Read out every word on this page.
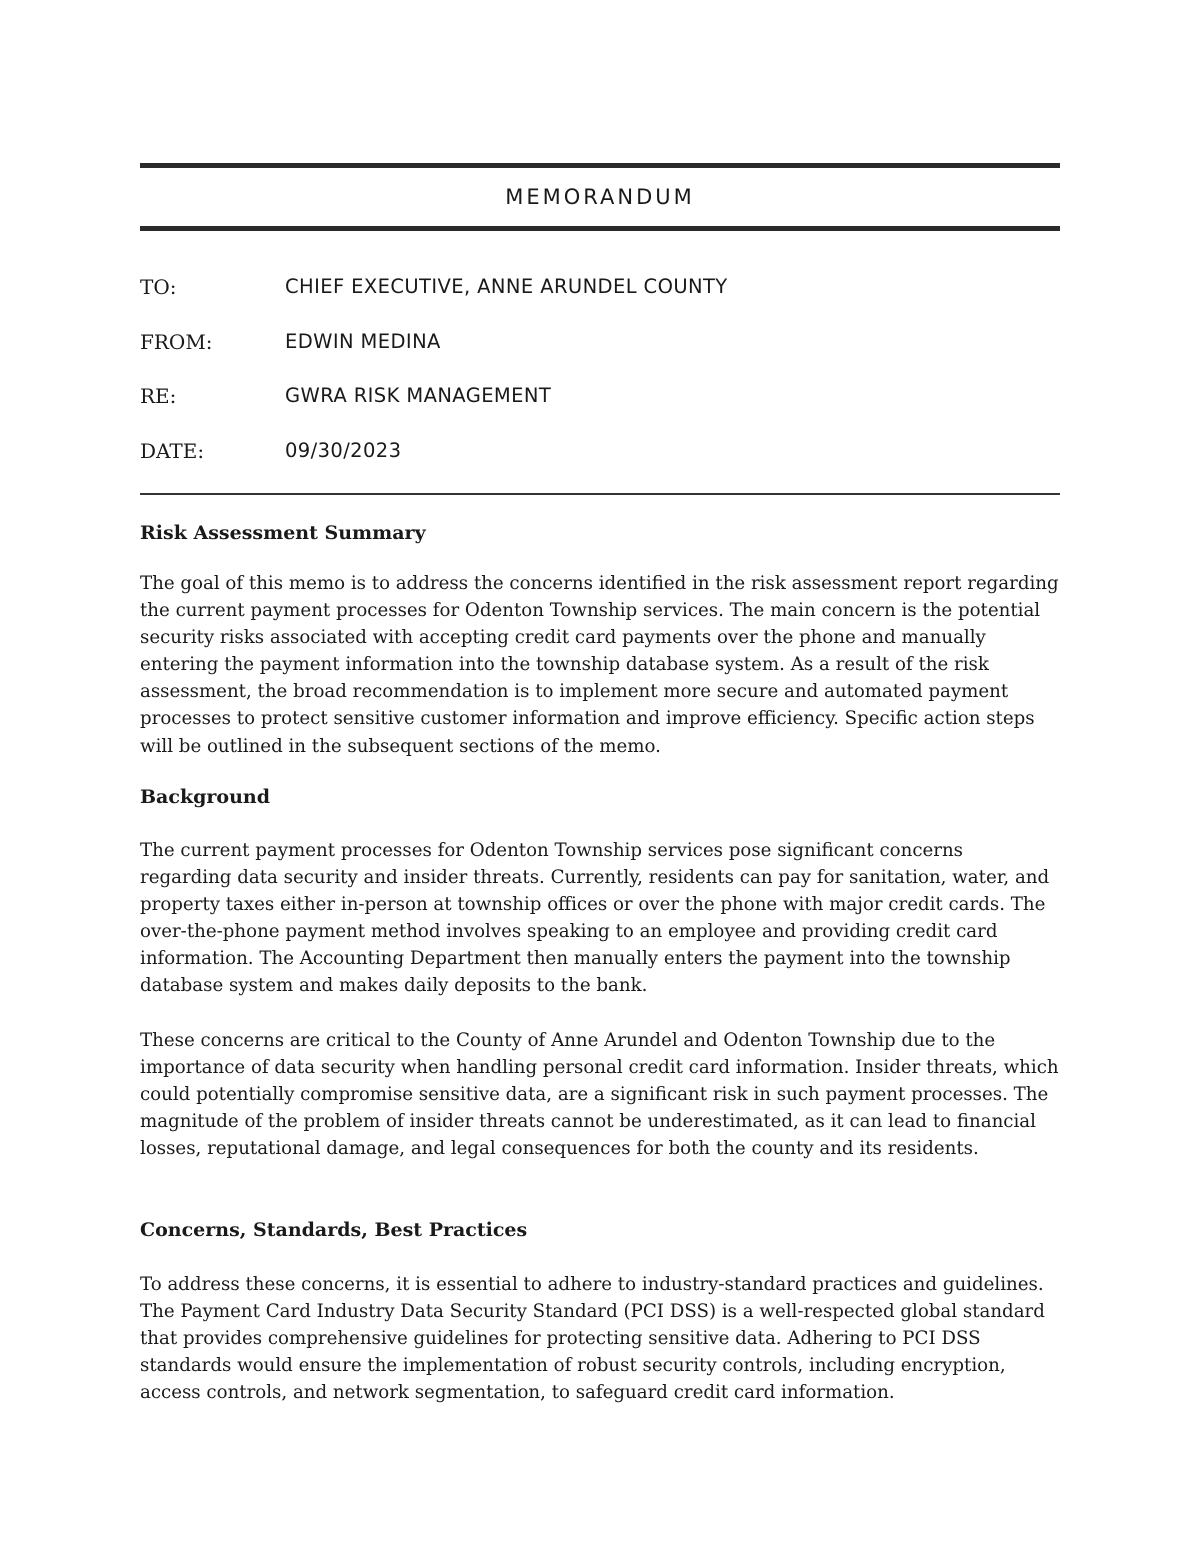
MEMORANDUM
TO:	CHIEF EXECUTIVE, ANNE ARUNDEL COUNTY
FROM:	EDWIN MEDINA
RE:	GWRA RISK MANAGEMENT
DATE:	09/30/2023
Risk Assessment Summary

The goal of this memo is to address the concerns identified in the risk assessment report regarding the current payment processes for Odenton Township services. The main concern is the potential security risks associated with accepting credit card payments over the phone and manually entering the payment information into the township database system. As a result of the risk assessment, the broad recommendation is to implement more secure and automated payment processes to protect sensitive customer information and improve efficiency. Specific action steps will be outlined in the subsequent sections of the memo.

Background

The current payment processes for Odenton Township services pose significant concerns regarding data security and insider threats. Currently, residents can pay for sanitation, water, and property taxes either in-person at township offices or over the phone with major credit cards. The over-the-phone payment method involves speaking to an employee and providing credit card information. The Accounting Department then manually enters the payment into the township database system and makes daily deposits to the bank.

These concerns are critical to the County of Anne Arundel and Odenton Township due to the importance of data security when handling personal credit card information. Insider threats, which could potentially compromise sensitive data, are a significant risk in such payment processes. The magnitude of the problem of insider threats cannot be underestimated, as it can lead to financial losses, reputational damage, and legal consequences for both the county and its residents.

Concerns, Standards, Best Practices

To address these concerns, it is essential to adhere to industry-standard practices and guidelines. The Payment Card Industry Data Security Standard (PCI DSS) is a well-respected global standard that provides comprehensive guidelines for protecting sensitive data. Adhering to PCI DSS standards would ensure the implementation of robust security controls, including encryption, access controls, and network segmentation, to safeguard credit card information.
